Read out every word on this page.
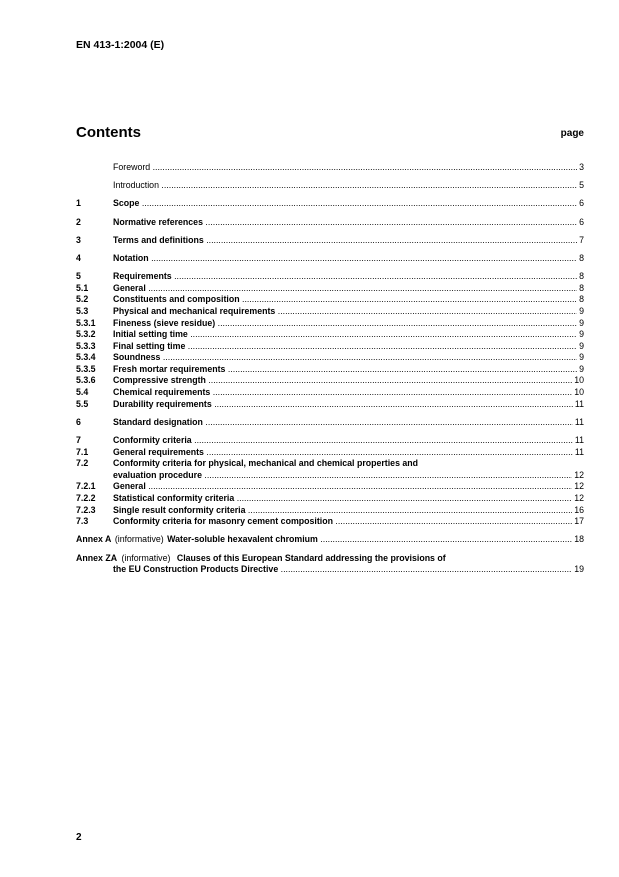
EN 413-1:2004 (E)
Contents	page
Foreword .....	3
Introduction .....	5
1	Scope .....	6
2	Normative references .....	6
3	Terms and definitions .....	7
4	Notation .....	8
5	Requirements .....	8
5.1	General .....	8
5.2	Constituents and composition .....	8
5.3	Physical and mechanical requirements .....	9
5.3.1	Fineness (sieve residue) .....	9
5.3.2	Initial setting time .....	9
5.3.3	Final setting time .....	9
5.3.4	Soundness .....	9
5.3.5	Fresh mortar requirements .....	9
5.3.6	Compressive strength .....	10
5.4	Chemical requirements .....	10
5.5	Durability requirements .....	11
6	Standard designation .....	11
7	Conformity criteria .....	11
7.1	General requirements .....	11
7.2	Conformity criteria for physical, mechanical and chemical properties and
evaluation procedure .....	12
7.2.1	General .....	12
7.2.2	Statistical conformity criteria .....	12
7.2.3	Single result conformity criteria .....	16
7.3	Conformity criteria for masonry cement composition .....	17
Annex A (informative) Water-soluble hexavalent chromium .....	18
Annex ZA (informative) Clauses of this European Standard addressing the provisions of
the EU Construction Products Directive .....	19
2
